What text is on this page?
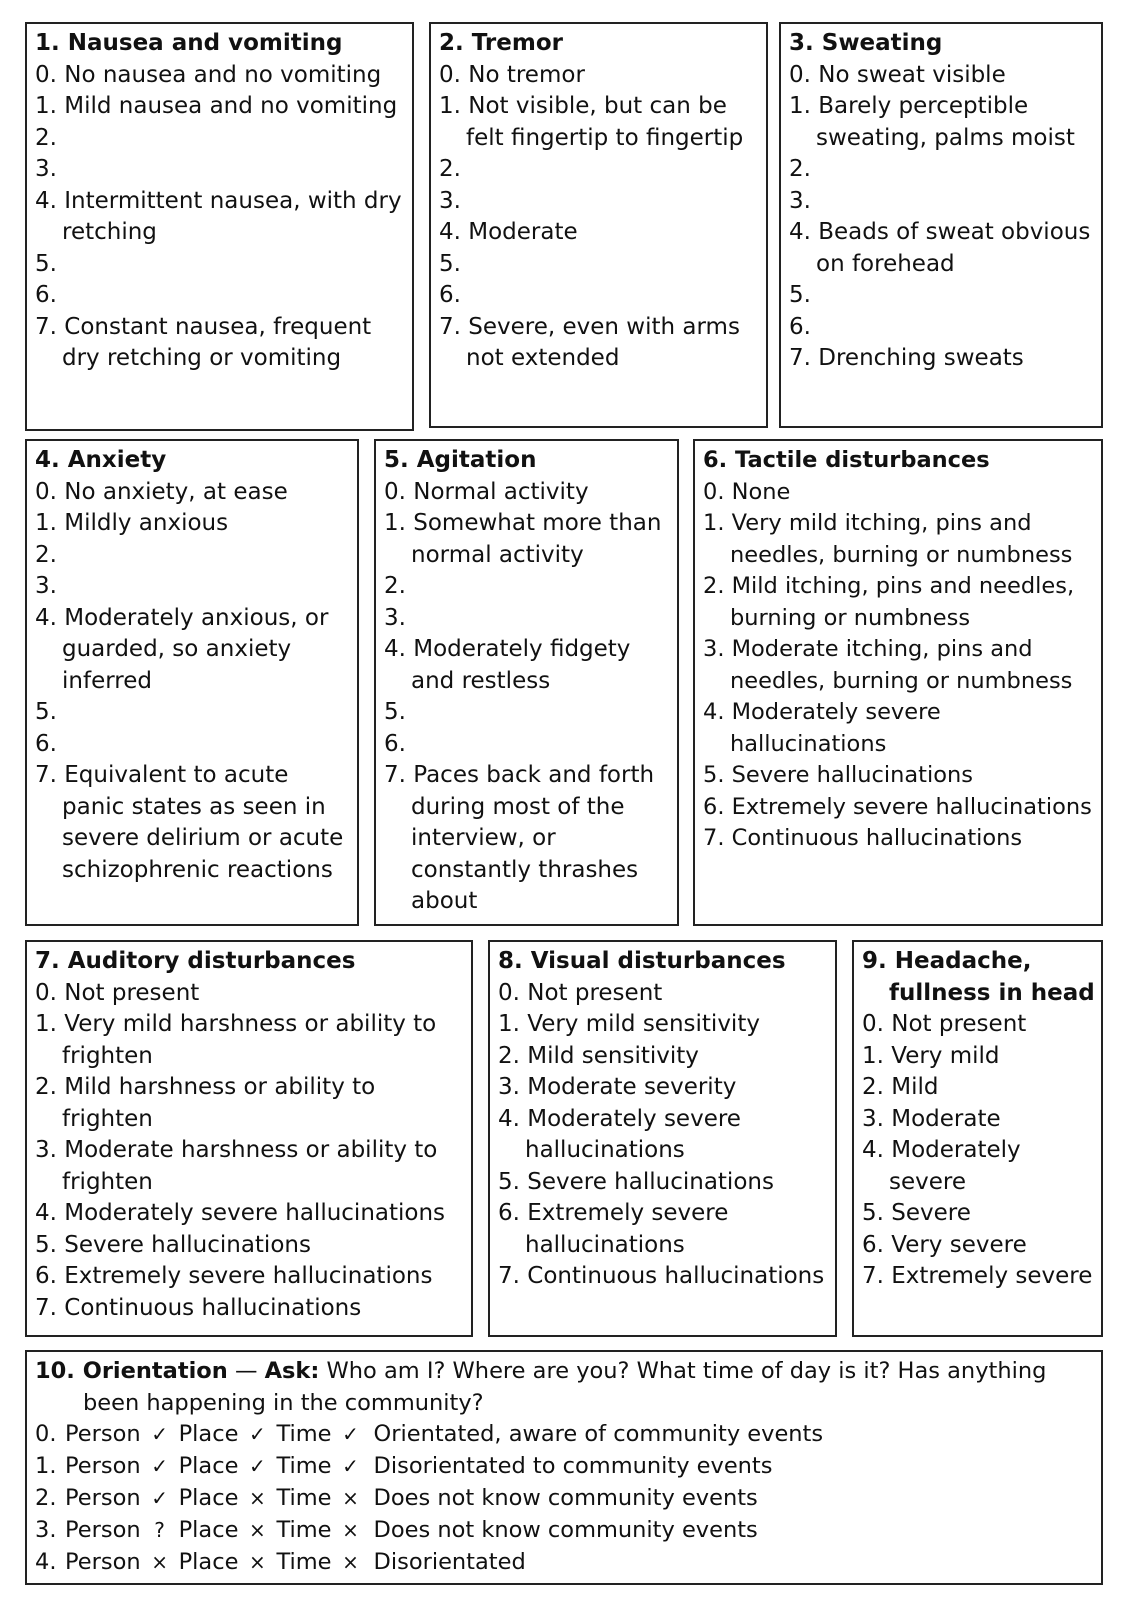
1. Nausea and vomiting
0. No nausea and no vomiting
1. Mild nausea and no vomiting
2.
3.
4. Intermittent nausea, with dry retching
5.
6.
7. Constant nausea, frequent dry retching or vomiting
2. Tremor
0. No tremor
1. Not visible, but can be felt fingertip to fingertip
2.
3.
4. Moderate
5.
6.
7. Severe, even with arms not extended
3. Sweating
0. No sweat visible
1. Barely perceptible sweating, palms moist
2.
3.
4. Beads of sweat obvious on forehead
5.
6.
7. Drenching sweats
4. Anxiety
0. No anxiety, at ease
1. Mildly anxious
2.
3.
4. Moderately anxious, or guarded, so anxiety inferred
5.
6.
7. Equivalent to acute panic states as seen in severe delirium or acute schizophrenic reactions
5. Agitation
0. Normal activity
1. Somewhat more than normal activity
2.
3.
4. Moderately fidgety and restless
5.
6.
7. Paces back and forth during most of the interview, or constantly thrashes about
6. Tactile disturbances
0. None
1. Very mild itching, pins and needles, burning or numbness
2. Mild itching, pins and needles, burning or numbness
3. Moderate itching, pins and needles, burning or numbness
4. Moderately severe hallucinations
5. Severe hallucinations
6. Extremely severe hallucinations
7. Continuous hallucinations
7. Auditory disturbances
0. Not present
1. Very mild harshness or ability to frighten
2. Mild harshness or ability to frighten
3. Moderate harshness or ability to frighten
4. Moderately severe hallucinations
5. Severe hallucinations
6. Extremely severe hallucinations
7. Continuous hallucinations
8. Visual disturbances
0. Not present
1. Very mild sensitivity
2. Mild sensitivity
3. Moderate severity
4. Moderately severe hallucinations
5. Severe hallucinations
6. Extremely severe hallucinations
7. Continuous hallucinations
9. Headache, fullness in head
0. Not present
1. Very mild
2. Mild
3. Moderate
4. Moderately severe
5. Severe
6. Very severe
7. Extremely severe
10. Orientation — Ask: Who am I? Where are you? What time of day is it? Has anything been happening in the community?
0. Person ✓ Place ✓ Time ✓ Orientated, aware of community events
1. Person ✓ Place ✓ Time ✓ Disorientated to community events
2. Person ✓ Place × Time × Does not know community events
3. Person ? Place × Time × Does not know community events
4. Person × Place × Time × Disorientated
